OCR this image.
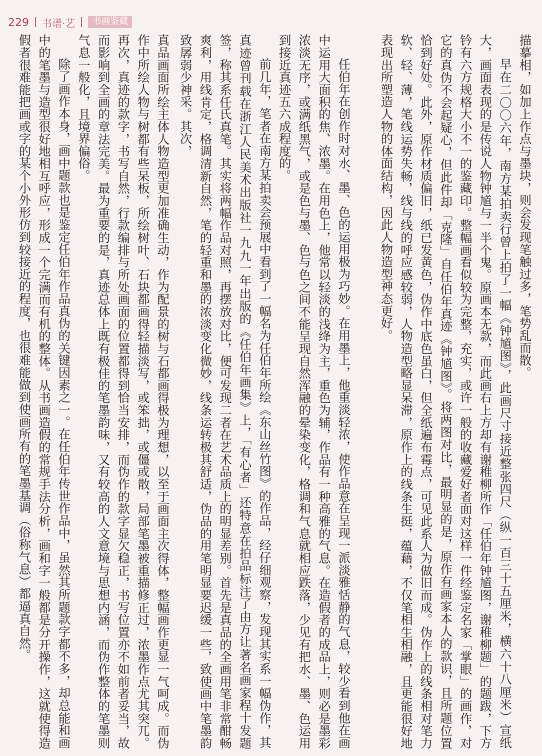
229 书谱·艺	书画鉴藏

描摹相，如加上作点与墨块，则会发现笔触过多，笔势乱而散。

早在二〇〇六年，南方某拍卖行曾上拍了一幅《钟馗图》，此画尺寸接近整张四尺（纵一百三十五厘米，横六十八厘米）宣纸大，画面表现的是传说人物钟馗与一半个鬼。原画本无款，而此画右上方却有谢稚柳所作「任伯年钟馗图，谢稚柳题」的题跋，下方钤有六方规格大小不一的鉴藏印。整幅画看似较为完整，充实，或许一般的收藏爱好者面对这样一件经鉴定名家「掌眼」的画作，对它的真伪不会起疑心，但此件却「克隆」自任伯年真迹《钟馗图》。将两图对比，最明显的是，原作有画家本人的款识，且所题位置恰到好处。此外，原作材质偏旧，纸已发黄色，伪作中底色虽白，但全纸遍布霉点，可见此系人为做旧而成。伪作上的线条相对笔力软、轻、薄，笔线运势失畅，线与线的呼应感较弱，人物造型略显呆滞，原作上的线条生挺，蕴藉，不仅笔相生相融，且更能很好地表现出所塑造人物的体面结构，因此人物造型神态更好。

任伯年在创作时对水、墨、色的运用极为巧妙。在用墨上，他重淡轻浓，使作品意在呈现一派淡雅恬静的气息，较少看到他在画中运用大面积的焦、浓墨。在用色上，他常以轻淡的浅绛为主，重色为辅，作品有一种高雅的气息。在造假者的成品上，则必是墨彩浓淡无序，或满纸黑气，或是色与墨、色与色之间不能呈现自然浑融的晕染变化，格调和气息就相应跌落，少见有把水、墨、色运用到接近真迹五六成程度的。

前几年，笔者在南方某拍卖会预展中看到了一幅名为任伯年所绘《东山丝竹图》的作品，经仔细观察，发现其实系一幅伪作，其真迹曾刊载在浙江人民美术出版社一九九一年出版的《任伯年画集》上，「有心者」还特意在拍品标注了由方让著名画家程十发题签，称其系任氏真笔。其实将两幅作品对照，再摆放对比，便可发现二者在艺术品质上的明显差别。首先是真品的全画用笔非常酣畅爽利，用线肯定，格调清新自然，笔的轻重和墨的浓淡变化微妙，线条运转极其舒适，伪品的用笔明显要迟缓一些，致使画中笔墨韵致孱弱少神采。其次，

真品画面所绘主体人物造型更加准确生动，作为配景的树与石都画得极为理想，以至于画面主次得体，整幅画作更显一气呵成。而伪作中所绘人物与树都有些呆板，所绘树叶、石块都画得轻描淡写，或笨拙，或僵或散，局部笔墨被重描修正过，浓墨作点尤其突兀。再次，真迹的款字，书写自然，行款编排与所处画面的位置都得到恰当安排，而伪作的款字显欠稳正，书写位置亦不如前者妥当，故而影响到全画的章法完美。最为重要的是，真迹总体上既有极佳的笔墨韵味，又有较高的人文意境与思想内涵，而伪作整体的笔墨则气息一般化，且境界偏俗。

除了画作本身，画中题款也是鉴定任伯年作品真伪的关键因素之一。在任伯年传世作品中，虽然其所题款字都不多，却总能和画中的笔墨与造型很好地相互呼应，形成一个完满而有机的整体。从书画造假的常规手法分析，画和字一般都是分开操作，这就使得造假者很难能把画或字的某个小外形仿到较接近的程度，也很难能做到使画所有的笔墨基调（俗称气息）都逼真自然。
